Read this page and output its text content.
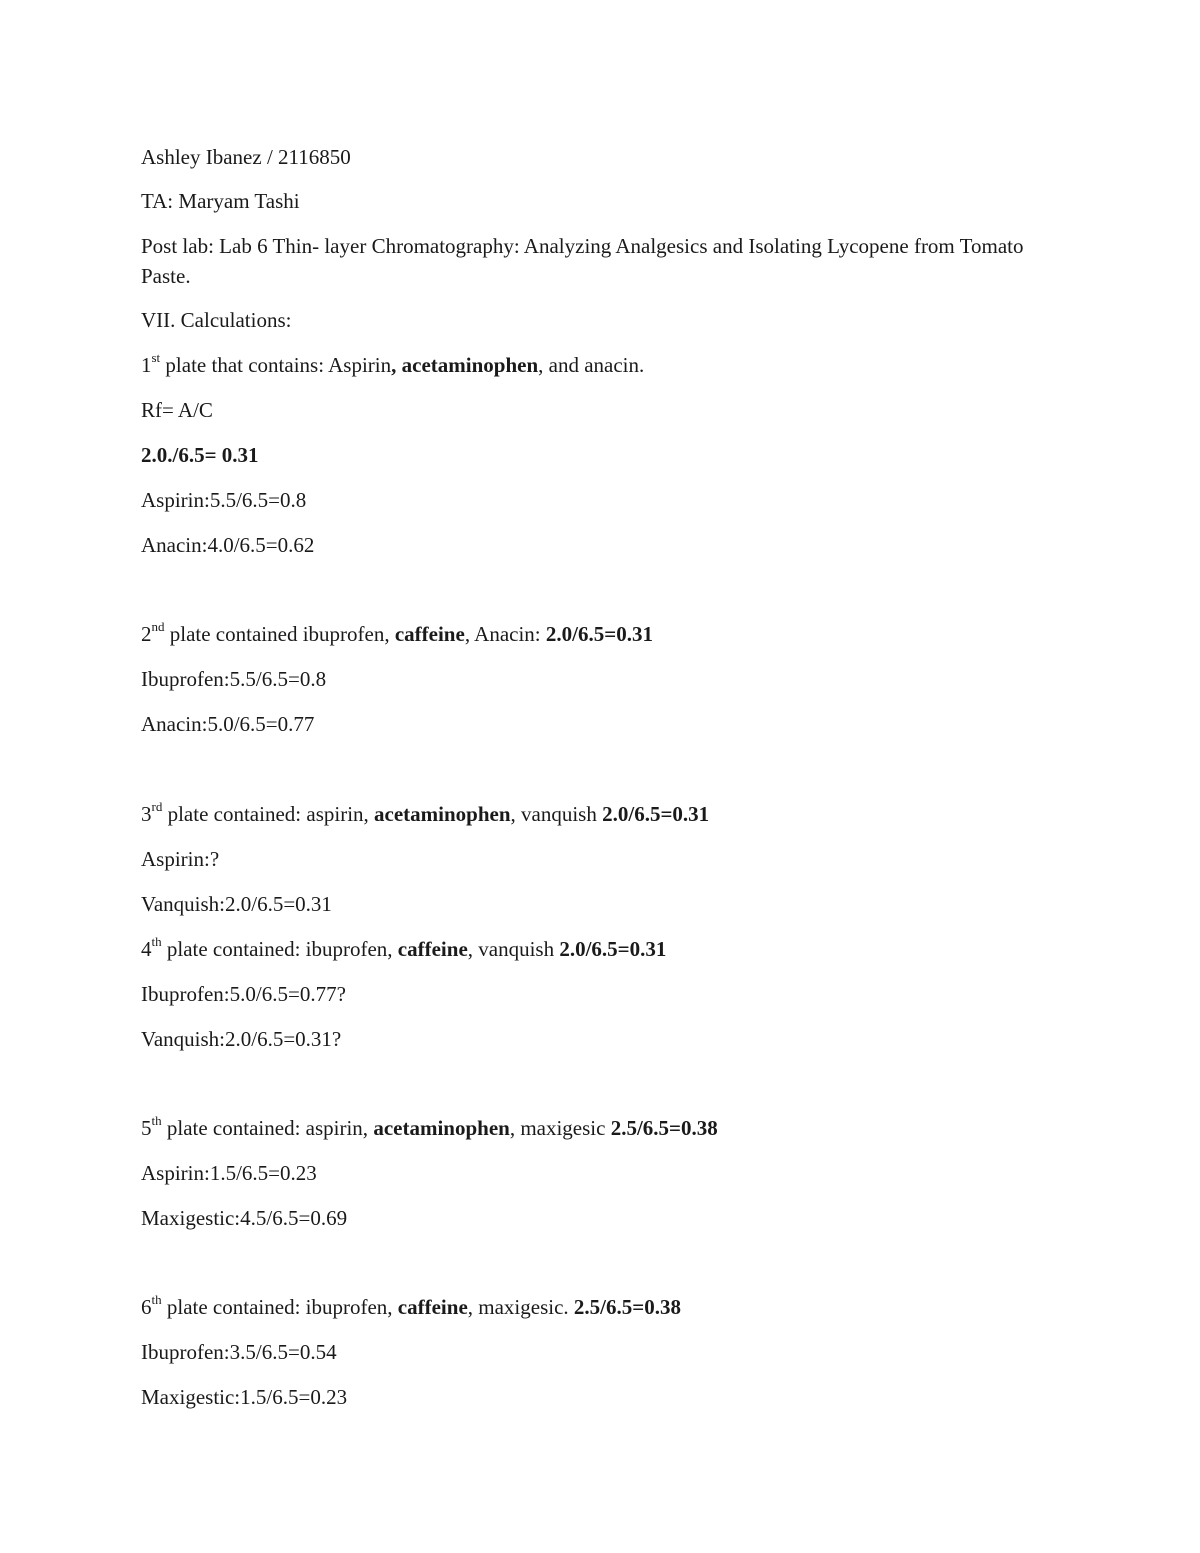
Ashley Ibanez / 2116850
TA: Maryam Tashi
Post lab: Lab 6 Thin- layer Chromatography: Analyzing Analgesics and Isolating Lycopene from Tomato Paste.
VII. Calculations:
1st plate that contains: Aspirin, acetaminophen, and anacin.
Rf= A/C
2.0./6.5= 0.31
Aspirin:5.5/6.5=0.8
Anacin:4.0/6.5=0.62
2nd plate contained ibuprofen, caffeine, Anacin: 2.0/6.5=0.31
Ibuprofen:5.5/6.5=0.8
Anacin:5.0/6.5=0.77
3rd plate contained: aspirin, acetaminophen, vanquish 2.0/6.5=0.31
Aspirin:?
Vanquish:2.0/6.5=0.31
4th plate contained: ibuprofen, caffeine, vanquish 2.0/6.5=0.31
Ibuprofen:5.0/6.5=0.77?
Vanquish:2.0/6.5=0.31?
5th plate contained: aspirin, acetaminophen, maxigesic 2.5/6.5=0.38
Aspirin:1.5/6.5=0.23
Maxigestic:4.5/6.5=0.69
6th plate contained: ibuprofen, caffeine, maxigesic. 2.5/6.5=0.38
Ibuprofen:3.5/6.5=0.54
Maxigestic:1.5/6.5=0.23
